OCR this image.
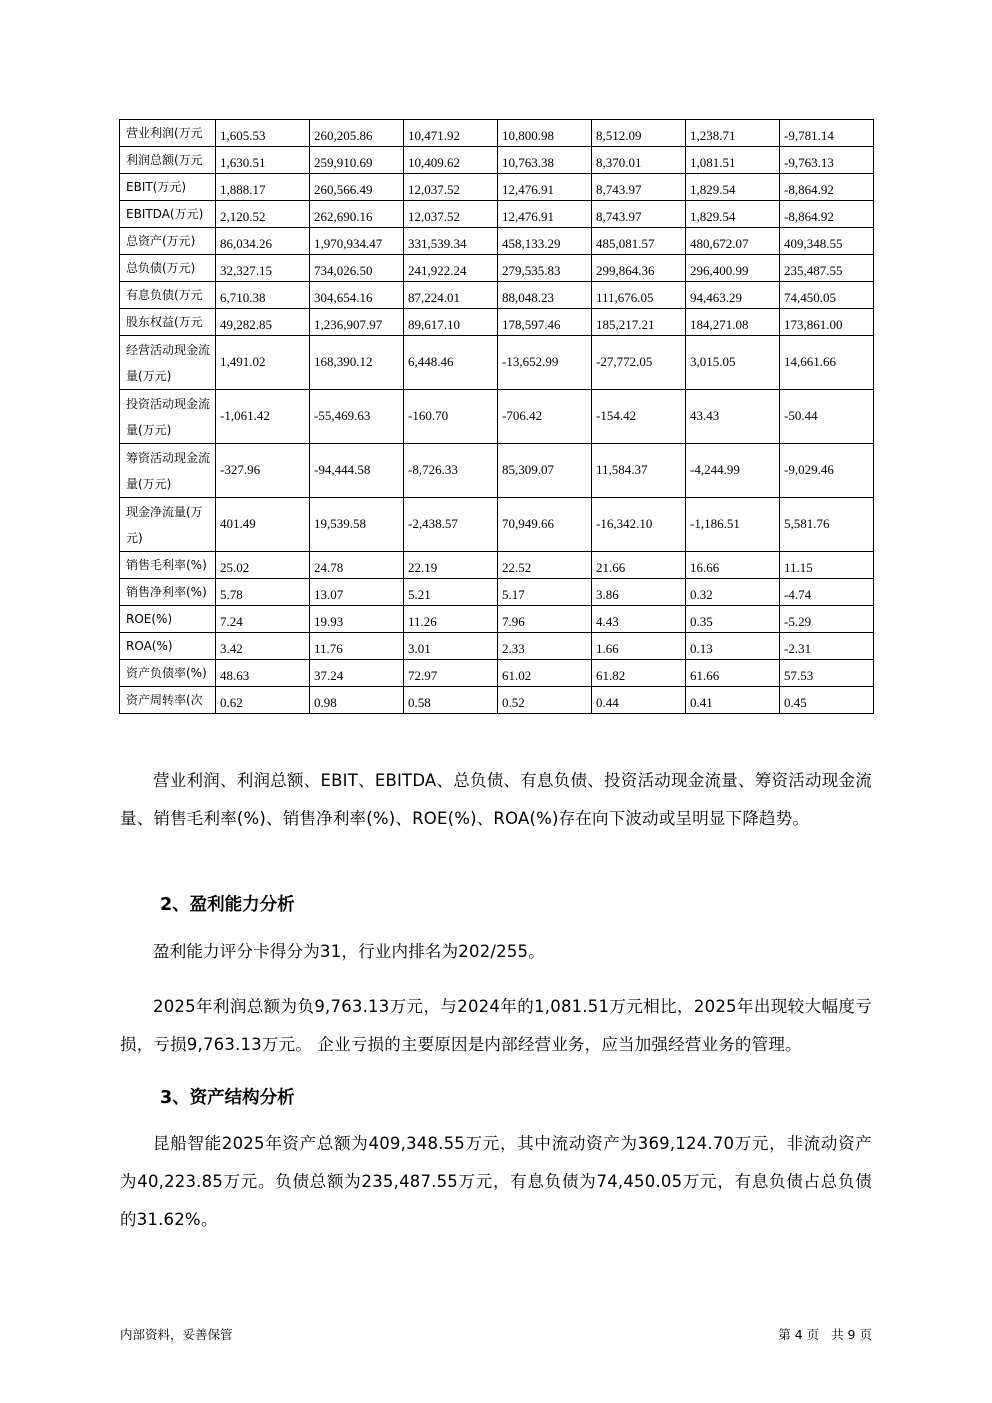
营业利润(万元	1,605.53	260,205.86	10,471.92	10,800.98	8,512.09	1,238.71	-9,781.14
利润总额(万元	1,630.51	259,910.69	10,409.62	10,763.38	8,370.01	1,081.51	-9,763.13
EBIT(万元)	1,888.17	260,566.49	12,037.52	12,476.91	8,743.97	1,829.54	-8,864.92
EBITDA(万元)	2,120.52	262,690.16	12,037.52	12,476.91	8,743.97	1,829.54	-8,864.92
总资产(万元)	86,034.26	1,970,934.47	331,539.34	458,133.29	485,081.57	480,672.07	409,348.55
总负债(万元)	32,327.15	734,026.50	241,922.24	279,535.83	299,864.36	296,400.99	235,487.55
有息负债(万元	6,710.38	304,654.16	87,224.01	88,048.23	111,676.05	94,463.29	74,450.05
股东权益(万元	49,282.85	1,236,907.97	89,617.10	178,597.46	185,217.21	184,271.08	173,861.00
经营活动现金流量(万元)	1,491.02	168,390.12	6,448.46	-13,652.99	-27,772.05	3,015.05	14,661.66
投资活动现金流量(万元)	-1,061.42	-55,469.63	-160.70	-706.42	-154.42	43.43	-50.44
筹资活动现金流量(万元)	-327.96	-94,444.58	-8,726.33	85,309.07	11,584.37	-4,244.99	-9,029.46
现金净流量(万元)	401.49	19,539.58	-2,438.57	70,949.66	-16,342.10	-1,186.51	5,581.76
销售毛利率(%)	25.02	24.78	22.19	22.52	21.66	16.66	11.15
销售净利率(%)	5.78	13.07	5.21	5.17	3.86	0.32	-4.74
ROE(%)	7.24	19.93	11.26	7.96	4.43	0.35	-5.29
ROA(%)	3.42	11.76	3.01	2.33	1.66	0.13	-2.31
资产负债率(%)	48.63	37.24	72.97	61.02	61.82	61.66	57.53
资产周转率(次	0.62	0.98	0.58	0.52	0.44	0.41	0.45

营业利润、利润总额、EBIT、EBITDA、总负债、有息负债、投资活动现金流量、筹资活动现金流量、销售毛利率(%)、销售净利率(%)、ROE(%)、ROA(%)存在向下波动或呈明显下降趋势。

2、盈利能力分析

盈利能力评分卡得分为31，行业内排名为202/255。

2025年利润总额为负9,763.13万元，与2024年的1,081.51万元相比，2025年出现较大幅度亏损，亏损9,763.13万元。 企业亏损的主要原因是内部经营业务，应当加强经营业务的管理。

3、资产结构分析

昆船智能2025年资产总额为409,348.55万元，其中流动资产为369,124.70万元，非流动资产为40,223.85万元。负债总额为235,487.55万元，有息负债为74,450.05万元，有息负债占总负债的31.62%。

内部资料，妥善保管	第 4 页   共 9 页
